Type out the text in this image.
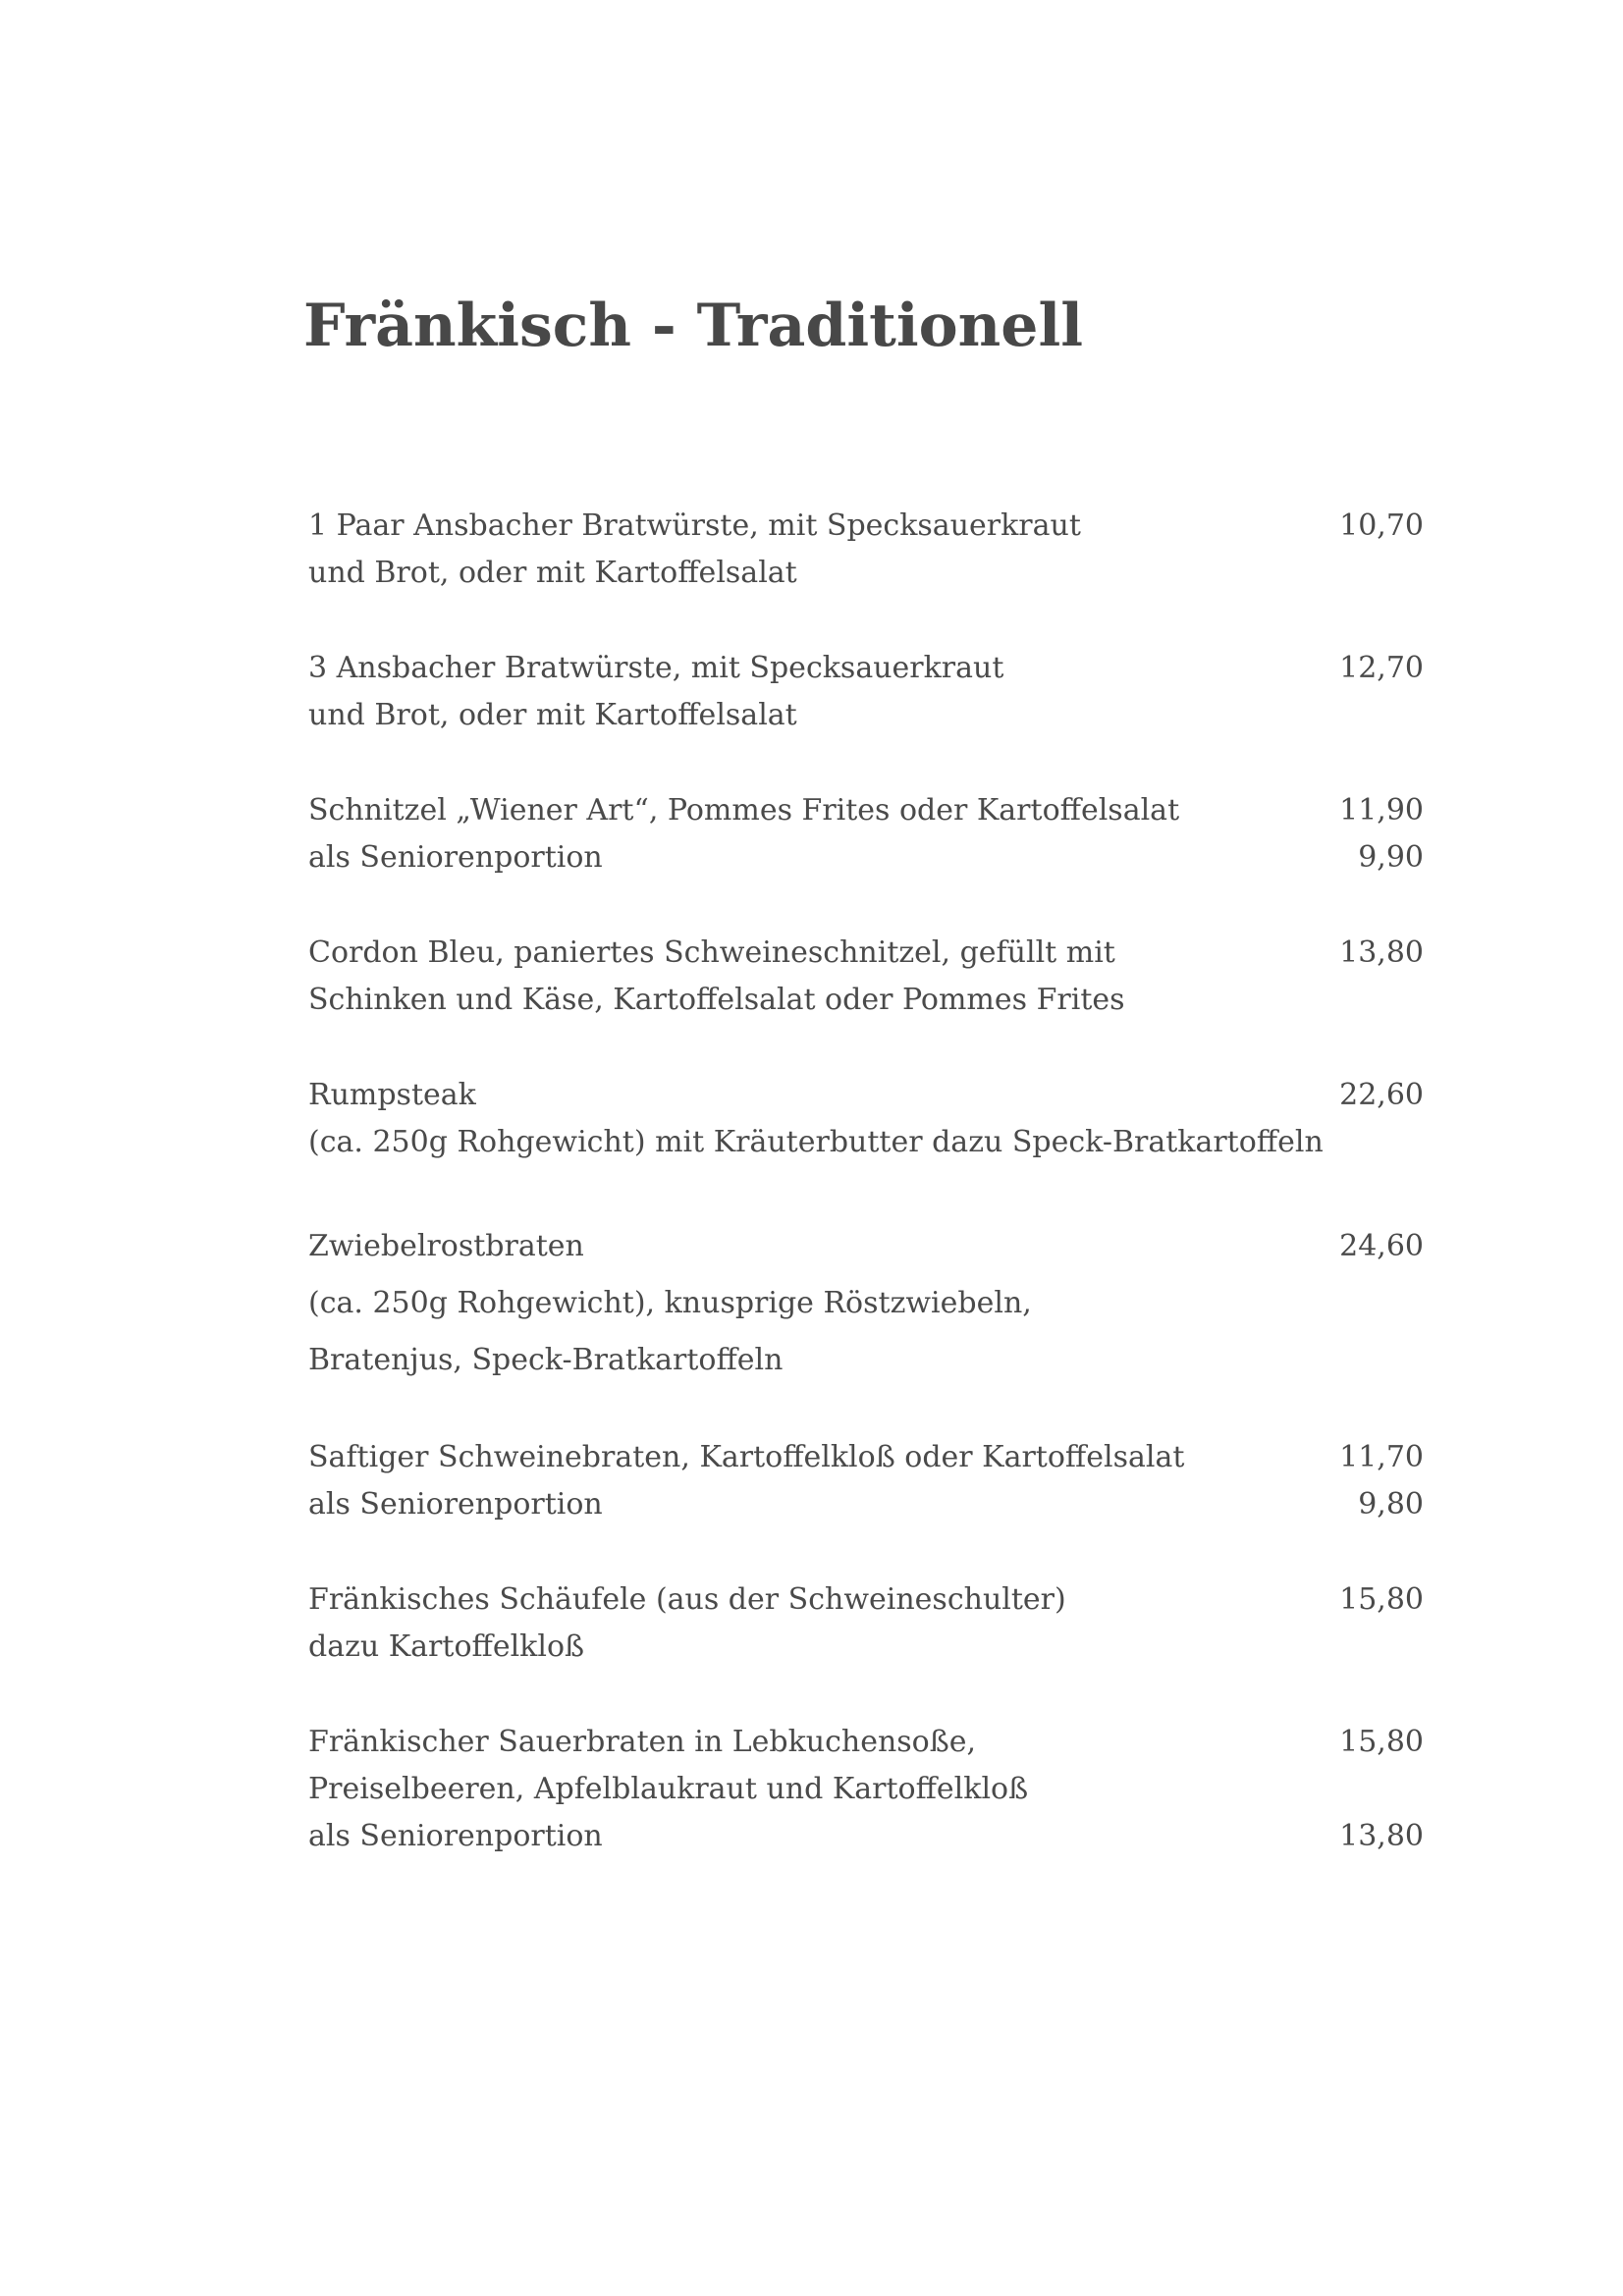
Fränkisch - Traditionell
1 Paar Ansbacher Bratwürste, mit Specksauerkraut	10,70
und Brot, oder mit Kartoffelsalat
3 Ansbacher Bratwürste, mit Specksauerkraut	12,70
und Brot, oder mit Kartoffelsalat
Schnitzel „Wiener Art“, Pommes Frites oder Kartoffelsalat	11,90
als Seniorenportion	9,90
Cordon Bleu, paniertes Schweineschnitzel, gefüllt mit	13,80
Schinken und Käse, Kartoffelsalat oder Pommes Frites
Rumpsteak	22,60
(ca. 250g Rohgewicht) mit Kräuterbutter dazu Speck-Bratkartoffeln
Zwiebelrostbraten	24,60
(ca. 250g Rohgewicht), knusprige Röstzwiebeln,
Bratenjus, Speck-Bratkartoffeln
Saftiger Schweinebraten, Kartoffelkloß oder Kartoffelsalat	11,70
als Seniorenportion	9,80
Fränkisches Schäufele (aus der Schweineschulter)	15,80
dazu Kartoffelkloß
Fränkischer Sauerbraten in Lebkuchensoße,	15,80
Preiselbeeren, Apfelblaukraut und Kartoffelkloß
als Seniorenportion	13,80
